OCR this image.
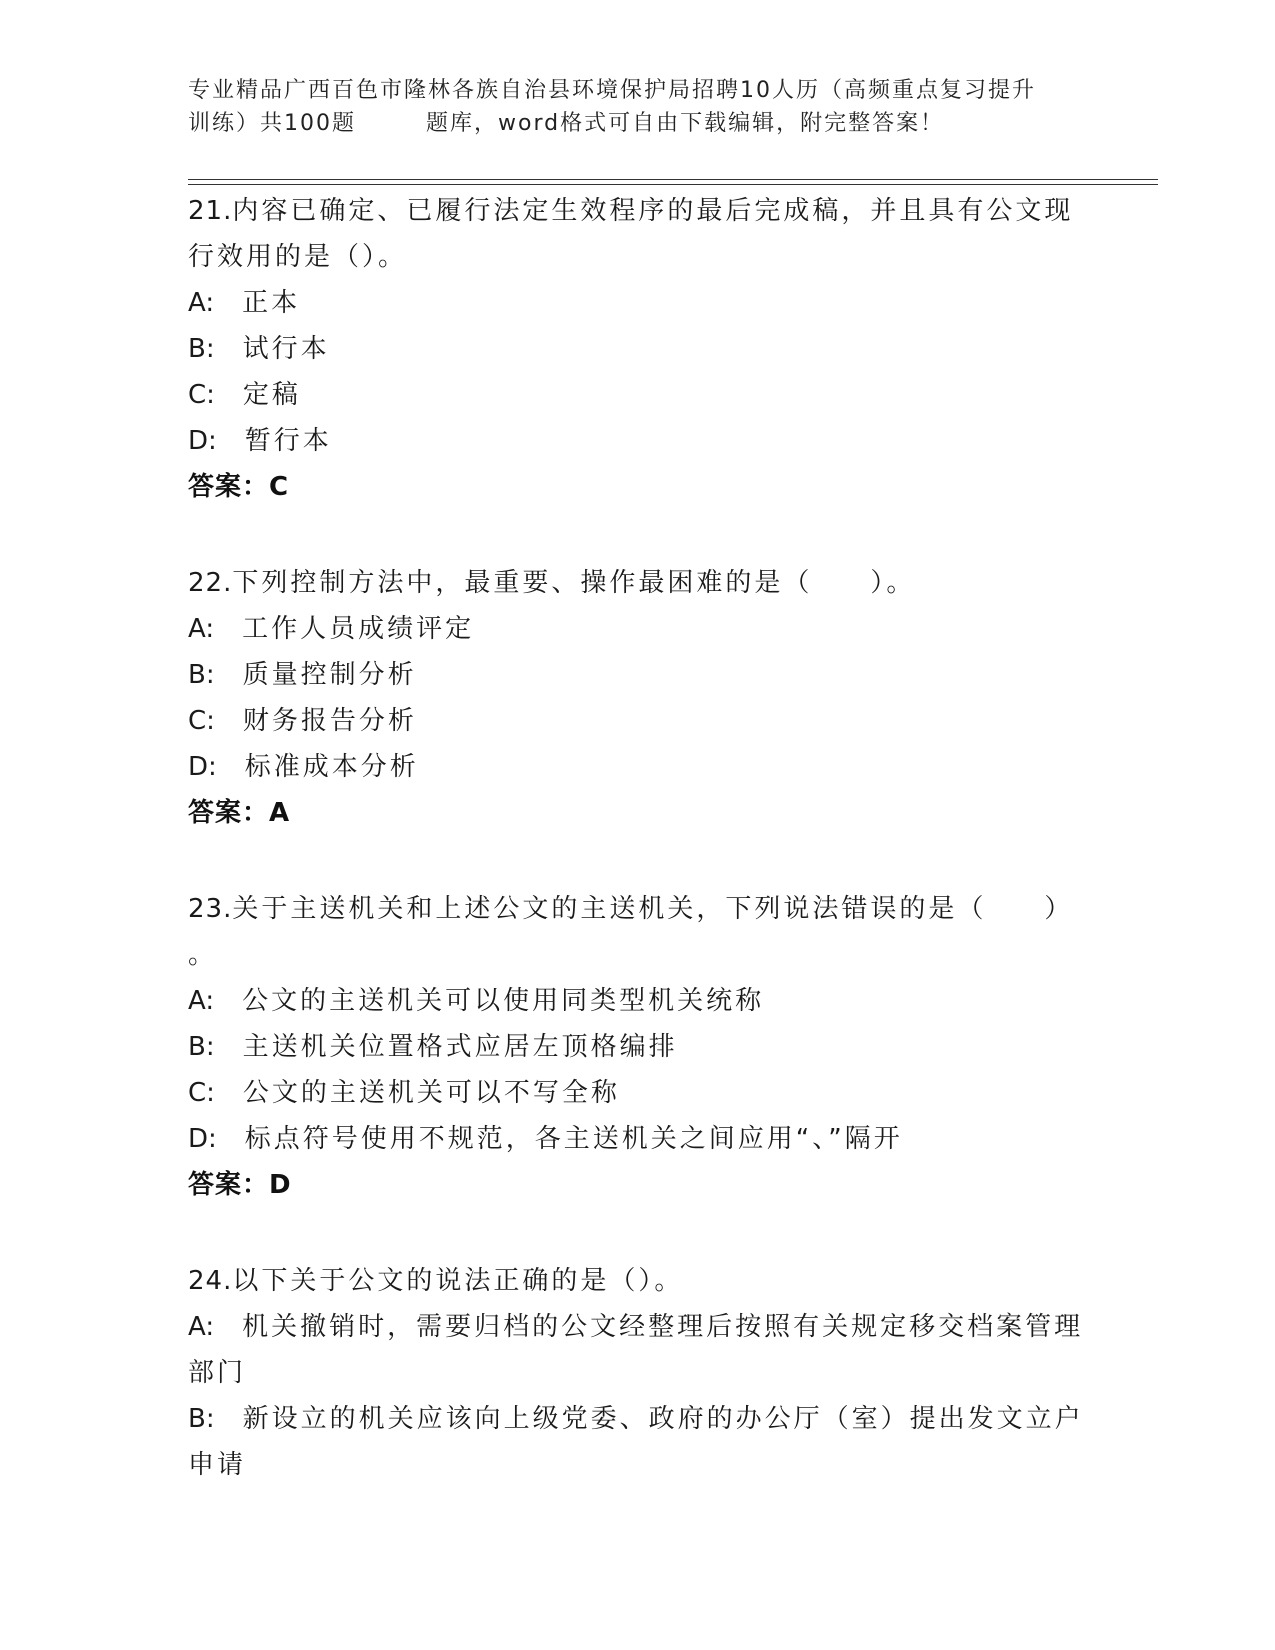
专业精品广西百色市隆林各族自治县环境保护局招聘10人历（高频重点复习提升
训练）共100题	题库，word格式可自由下载编辑，附完整答案！
21.内容已确定、已履行法定生效程序的最后完成稿，并且具有公文现
行效用的是（）。
A: 正本
B: 试行本
C: 定稿
D: 暂行本
答案：C
22.下列控制方法中，最重要、操作最困难的是（　　）。
A: 工作人员成绩评定
B: 质量控制分析
C: 财务报告分析
D: 标准成本分析
答案：A
23.关于主送机关和上述公文的主送机关，下列说法错误的是（　　）
。
A: 公文的主送机关可以使用同类型机关统称
B: 主送机关位置格式应居左顶格编排
C: 公文的主送机关可以不写全称
D: 标点符号使用不规范，各主送机关之间应用“、”隔开
答案：D
24.以下关于公文的说法正确的是（）。
A: 机关撤销时，需要归档的公文经整理后按照有关规定移交档案管理
部门
B: 新设立的机关应该向上级党委、政府的办公厅（室）提出发文立户
申请
